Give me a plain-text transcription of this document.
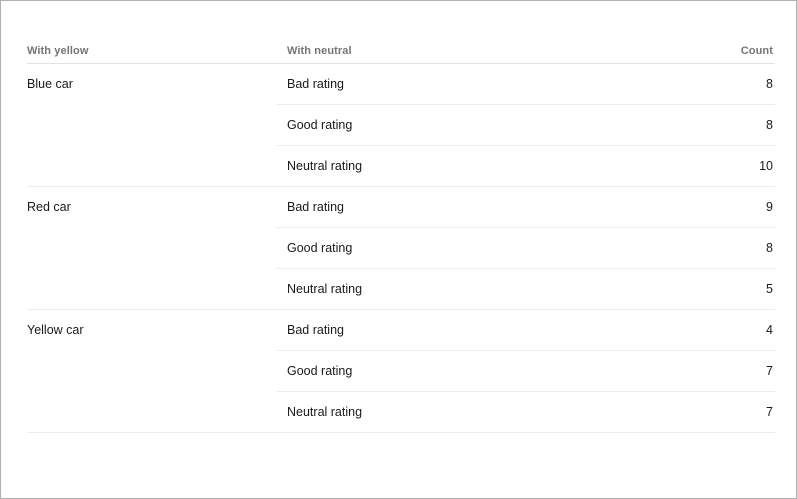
With yellow	With neutral	Count
Blue car	Bad rating	8
	Good rating	8
	Neutral rating	10
Red car	Bad rating	9
	Good rating	8
	Neutral rating	5
Yellow car	Bad rating	4
	Good rating	7
	Neutral rating	7
